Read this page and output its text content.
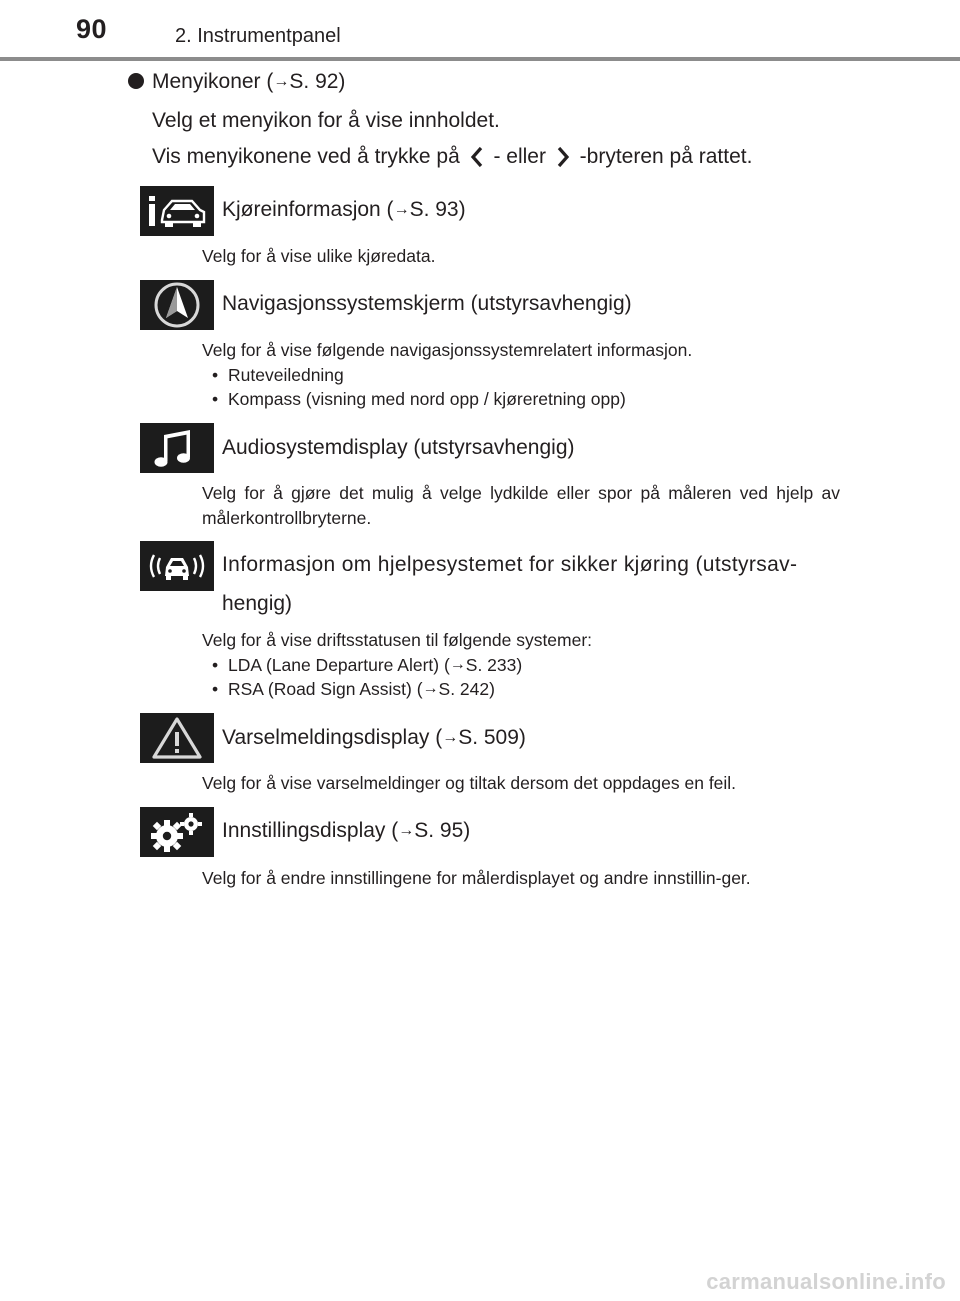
90	2. Instrumentpanel
Menyikoner (→S. 92)
Velg et menyikon for å vise innholdet.
Vis menyikonene ved å trykke på - eller -bryteren på rattet.
Kjøreinformasjon (→S. 93)
Velg for å vise ulike kjøredata.
Navigasjonssystemskjerm (utstyrsavhengig)
Velg for å vise følgende navigasjonssystemrelatert informasjon.
• Ruteveiledning
• Kompass (visning med nord opp / kjøreretning opp)
Audiosystemdisplay (utstyrsavhengig)
Velg for å gjøre det mulig å velge lydkilde eller spor på måleren ved hjelp av målerkontrollbryterne.
Informasjon om hjelpesystemet for sikker kjøring (utstyrsav-
hengig)
Velg for å vise driftsstatusen til følgende systemer:
• LDA (Lane Departure Alert) (→S. 233)
• RSA (Road Sign Assist) (→S. 242)
Varselmeldingsdisplay (→S. 509)
Velg for å vise varselmeldinger og tiltak dersom det oppdages en feil.
Innstillingsdisplay (→S. 95)
Velg for å endre innstillingene for målerdisplayet og andre innstillin-ger.
carmanualsonline.info
